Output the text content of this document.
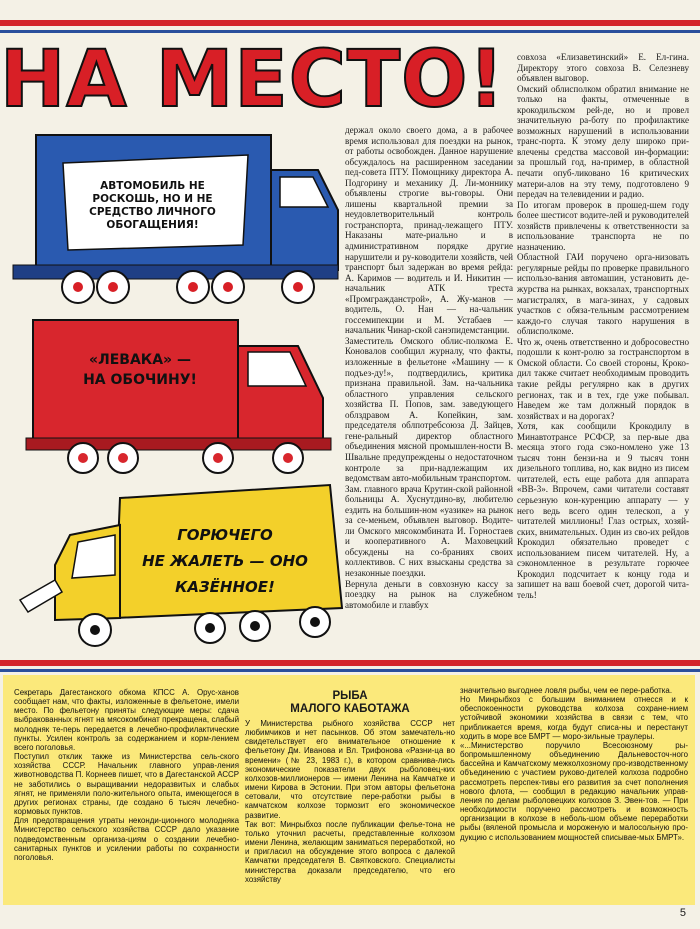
НА МЕСТО!
АВТОМОБИЛЬ НЕ
РОСКОШЬ, НО И НЕ
СРЕДСТВО ЛИЧНОГО
ОБОГАЩЕНИЯ!
«ЛЕВАКА» —
НА ОБОЧИНУ!
ГОРЮЧЕГО
НЕ ЖАЛЕТЬ — ОНО
КАЗЁННОЕ!
держал около своего дома, а в рабочее время использовал для поездки на рынок, от работы освобожден. Данное нарушение обсуждалось на расширенном заседании пед-совета ПТУ. Помощнику директора А. Подгорину и механику Д. Ли-монникy объявлены строгие вы-говоры. Они лишены квартальной премии за неудовлетворительный контроль гостранспорта, принад-лежащего ПТУ. Наказаны мате-риально и в административном порядке другие нарушители и ру-ководители хозяйств, чей транспорт был задержан во время рейда: А. Каримов — водитель и И. Никитин — начальник АТК треста «Промгражданстрой», А. Жу-манов — водитель, О. Нан — на-чальник госсемипекции и М. Устабаев — начальник Чинар-ской санэпидемстанции.
Заместитель Омского облис-полкома Е. Коновалов сообщил журналу, что факты, изложенные в фельетоне «Машину — к подъез-ду!», подтвердились, критика признана правильной. Зам. на-чальника областного управления сельского хозяйства П. Попов, зам. заведующего облздравом А. Копейкин, зам. председателя облпотребсоюза Д. Зайцев, гене-ральный директор областного объединения мясной промышлен-ности В. Швальне предупреждены о недостаточном контроле за при-надлежащим их ведомствам авто-мобильным транспортом.
Зам. главного врача Крутин-ской районной больницы А. Хуснутдино-ву, любителю ездить на большин-ном «уазике» на рынок за се-меньем, объявлен выговор. Водите-ли Омского мясокомбината И. Горностаев и кооперативного А. Маховецкий обсуждены на со-браниях своих коллективов. С них взысканы средства за незаконные поездки.
Вернула деньги в совхозную кассу за поездку на рынок на служебном автомобиле и главбух
совхоза «Елизаветинский» Е. Ел-гина. Директору этого совхоза В. Селезневу объявлен выговор.
Омский облисполком обратил внимание не только на факты, отмеченные в крокодильском рей-де, но и провел значительную ра-боту по профилактике возможных нарушений в использовании транс-порта. К этому делу широко при-влечены средства массовой ин-формации: за прошлый год, на-пример, в областной печати опуб-ликовано 16 критических матери-алов на эту тему, подготовлено 9 передач на телевидении и радио.
По итогам проверок в прошед-шем году более шестисот водите-лей и руководителей хозяйств привлечены к ответственности за использование транспорта не по назначению.
Областной ГАИ поручено орга-низовать регулярные рейды по проверке правильного использо-вания автомашин, установить де-журства на рынках, вокзалах, транспортных магистралях, в мага-зинах, у садовых участков с обяза-тельным рассмотрением каждо-го случая такого нарушения в облисполкоме.
Что ж, очень ответственно и добросовестно подошли к конт-ролю за гостранспортом в Омской области. Со своей стороны, Кроко-дил также считает необходимым проводить такие рейды регулярно как в других регионах, так и в тех, где уже побывал. Наведем же там должный порядок в хозяйствах и на дорогах?
Хотя, как сообщили Крокодилу в Минавтотрансе РСФСР, за пер-вые два месяца этого года сэко-номлено уже 13 тысяч тонн бензи-на и 9 тысяч тонн дизельного топлива, но, как видно из писем читателей, есть еще работа для аппарата «ВВ-3». Впрочем, сами читатели составят серьезную кон-куренцию аппарату — у него ведь всего один телескоп, а у читателей миллионы! Глаз острых, хозяй-ских, внимательных. Один из сво-их рейдов Крокодил обязательно проведет с использованием писем читателей. Ну, а сэкономленное в результате горючее Крокодил подсчитает к концу года и запишет на ваш боевой счет, дорогой чита-тель!
Секретарь Дагестанского обкома КПСС А. Орус-ханов сообщает нам, что факты, изложенные в фельетоне, имели место. По фельетону приняты следующие меры: сдача выбракованных ягнят на мясокомбинат прекращена, слабый молодняк те-перь передается в лечебно-профилактические пункты. Усилен контроль за содержанием и корм-лением всего поголовья.
Поступил отклик также из Министерства сель-ского хозяйства СССР. Начальник главного управ-ления животноводства П. Корнеев пишет, что в Дагестанской АССР не заботились о выращивании недоразвитых и слабых ягнят, не применяли поло-жительного опыта, имеющегося в других регионах страны, где создано 6 тысяч лечебно-кормовых пунктов.
Для предотвращения утраты неконди-ционного молодняка Министерство сельского хозяйства СССР дало указание подведомственным организа-циям о создании лечебно-санитарных пунктов и усилении работы по сохранности поголовья.
РЫБА
МАЛОГО КАБОТАЖА
У Министерства рыбного хозяйства СССР нет любимчиков и нет пасынков. Об этом замечатель-но свидетельствует его внимательное отношение к фельетону Дм. Иванова и Вл. Трифонова «Разни-ца во времени» (№ 23, 1983 г.), в котором сравнива-лись экономические показатели двух рыболовец-ких колхозов-миллионеров — имени Ленина на Камчатке и имени Кирова в Эстонии. При этом авторы фельетона сетовали, что отсутствие пере-работки рыбы в камчатском колхозе тормозит его экономическое развитие.
Так вот: Минрыбхоз после публикации фелье-тона не только уточнил расчеты, представленные колхозом имени Ленина, желающим заниматься переработкой, но и пригласил на обсуждение этого вопроса с далекой Камчатки председателя В. Святковского. Специалисты министерства доказали председателю, что его хозяйству
значительно выгоднее ловля рыбы, чем ее пере-работка.
Но Минрыбхоз с большим вниманием отнесся и к обеспокоенности руководства колхоза сохране-нием устойчивой экономики хозяйства в связи с тем, что приближается время, когда будут списа-ны и перестанут ходить в море все БМРТ — моро-зильные траулеры.
«...Министерство поручило Всесоюзному ры-бопромышленному объединению Дальневосточ-ного бассейна и Камчатскому межколхозному про-изводственному объединению с участием руково-дителей колхоза подробно рассмотреть перспек-тивы его развития за счет пополнения нового флота, — сообщил в редакцию начальник управ-ления по делам рыболовецких колхозов З. Эвен-тов. — При необходимости поручено рассмотреть и возможность организации в колхозе в неболь-шом объеме переработки рыбы (вяленой промысла и мороженую и малосольную про-дукцию с использованием мощностей списывае-мых БМРТ».
5
